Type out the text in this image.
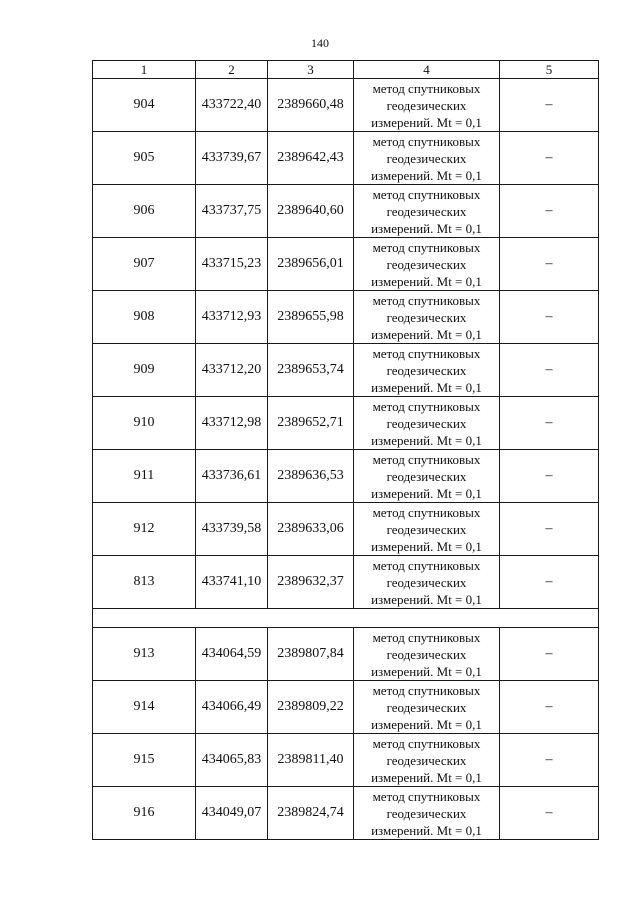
140
1	2	3	4	5
904	433722,40	2389660,48	метод спутниковых
геодезических
измерений. Mt = 0,1	–
905	433739,67	2389642,43	метод спутниковых
геодезических
измерений. Mt = 0,1	–
906	433737,75	2389640,60	метод спутниковых
геодезических
измерений. Mt = 0,1	–
907	433715,23	2389656,01	метод спутниковых
геодезических
измерений. Mt = 0,1	–
908	433712,93	2389655,98	метод спутниковых
геодезических
измерений. Mt = 0,1	–
909	433712,20	2389653,74	метод спутниковых
геодезических
измерений. Mt = 0,1	–
910	433712,98	2389652,71	метод спутниковых
геодезических
измерений. Mt = 0,1	–
911	433736,61	2389636,53	метод спутниковых
геодезических
измерений. Mt = 0,1	–
912	433739,58	2389633,06	метод спутниковых
геодезических
измерений. Mt = 0,1	–
813	433741,10	2389632,37	метод спутниковых
геодезических
измерений. Mt = 0,1	–

913	434064,59	2389807,84	метод спутниковых
геодезических
измерений. Mt = 0,1	–
914	434066,49	2389809,22	метод спутниковых
геодезических
измерений. Mt = 0,1	–
915	434065,83	2389811,40	метод спутниковых
геодезических
измерений. Mt = 0,1	–
916	434049,07	2389824,74	метод спутниковых
геодезических
измерений. Mt = 0,1	–
